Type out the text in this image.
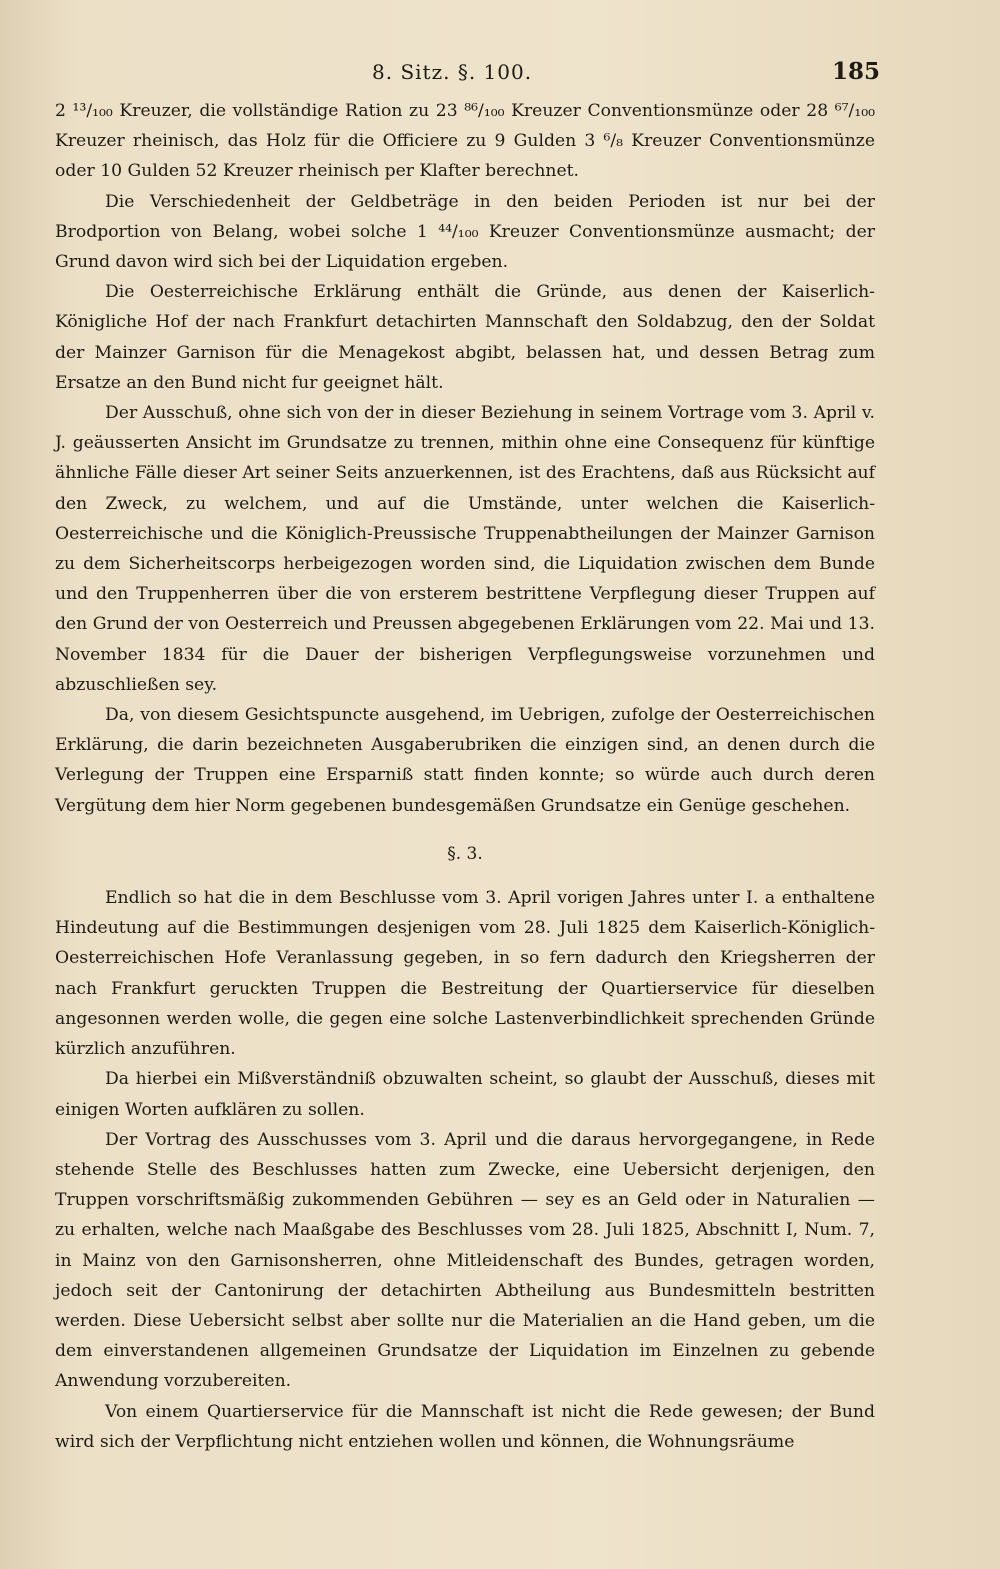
8. Sitz. §. 100.	185

2 ¹³/₁₀₀ Kreuzer, die vollständige Ration zu 23 ⁸⁶/₁₀₀ Kreuzer Conventionsmünze oder 28 ⁶⁷/₁₀₀ Kreuzer rheinisch, das Holz für die Officiere zu 9 Gulden 3 ⁶/₈ Kreuzer Conventionsmünze oder 10 Gulden 52 Kreuzer rheinisch per Klafter berechnet.

Die Verschiedenheit der Geldbeträge in den beiden Perioden ist nur bei der Brodportion von Belang, wobei solche 1 ⁴⁴/₁₀₀ Kreuzer Conventionsmünze ausmacht; der Grund davon wird sich bei der Liquidation ergeben.

Die Oesterreichische Erklärung enthält die Gründe, aus denen der Kaiserlich-Königliche Hof der nach Frankfurt detachirten Mannschaft den Soldabzug, den der Soldat der Mainzer Garnison für die Menagekost abgibt, belassen hat, und dessen Betrag zum Ersatze an den Bund nicht fur geeignet hält.

Der Ausschuß, ohne sich von der in dieser Beziehung in seinem Vortrage vom 3. April v. J. geäusserten Ansicht im Grundsatze zu trennen, mithin ohne eine Consequenz für künftige ähnliche Fälle dieser Art seiner Seits anzuerkennen, ist des Erachtens, daß aus Rücksicht auf den Zweck, zu welchem, und auf die Umstände, unter welchen die Kaiserlich-Oesterreichische und die Königlich-Preussische Truppenabtheilungen der Mainzer Garnison zu dem Sicherheitscorps herbeigezogen worden sind, die Liquidation zwischen dem Bunde und den Truppenherren über die von ersterem bestrittene Verpflegung dieser Truppen auf den Grund der von Oesterreich und Preussen abgegebenen Erklärungen vom 22. Mai und 13. November 1834 für die Dauer der bisherigen Verpflegungsweise vorzunehmen und abzuschließen sey.

Da, von diesem Gesichtspuncte ausgehend, im Uebrigen, zufolge der Oesterreichischen Erklärung, die darin bezeichneten Ausgaberubriken die einzigen sind, an denen durch die Verlegung der Truppen eine Ersparniß statt finden konnte; so würde auch durch deren Vergütung dem hier Norm gegebenen bundesgemäßen Grundsatze ein Genüge geschehen.

§. 3.

Endlich so hat die in dem Beschlusse vom 3. April vorigen Jahres unter I. a enthaltene Hindeutung auf die Bestimmungen desjenigen vom 28. Juli 1825 dem Kaiserlich-Königlich-Oesterreichischen Hofe Veranlassung gegeben, in so fern dadurch den Kriegsherren der nach Frankfurt geruckten Truppen die Bestreitung der Quartierservice für dieselben angesonnen werden wolle, die gegen eine solche Lastenverbindlichkeit sprechenden Gründe kürzlich anzuführen.

Da hierbei ein Mißverständniß obzuwalten scheint, so glaubt der Ausschuß, dieses mit einigen Worten aufklären zu sollen.

Der Vortrag des Ausschusses vom 3. April und die daraus hervorgegangene, in Rede stehende Stelle des Beschlusses hatten zum Zwecke, eine Uebersicht derjenigen, den Truppen vorschriftsmäßig zukommenden Gebühren — sey es an Geld oder in Naturalien — zu erhalten, welche nach Maaßgabe des Beschlusses vom 28. Juli 1825, Abschnitt I, Num. 7, in Mainz von den Garnisonsherren, ohne Mitleidenschaft des Bundes, getragen worden, jedoch seit der Cantonirung der detachirten Abtheilung aus Bundesmitteln bestritten werden. Diese Uebersicht selbst aber sollte nur die Materialien an die Hand geben, um die dem einverstandenen allgemeinen Grundsatze der Liquidation im Einzelnen zu gebende Anwendung vorzubereiten.

Von einem Quartierservice für die Mannschaft ist nicht die Rede gewesen; der Bund wird sich der Verpflichtung nicht entziehen wollen und können, die Wohnungsräume
